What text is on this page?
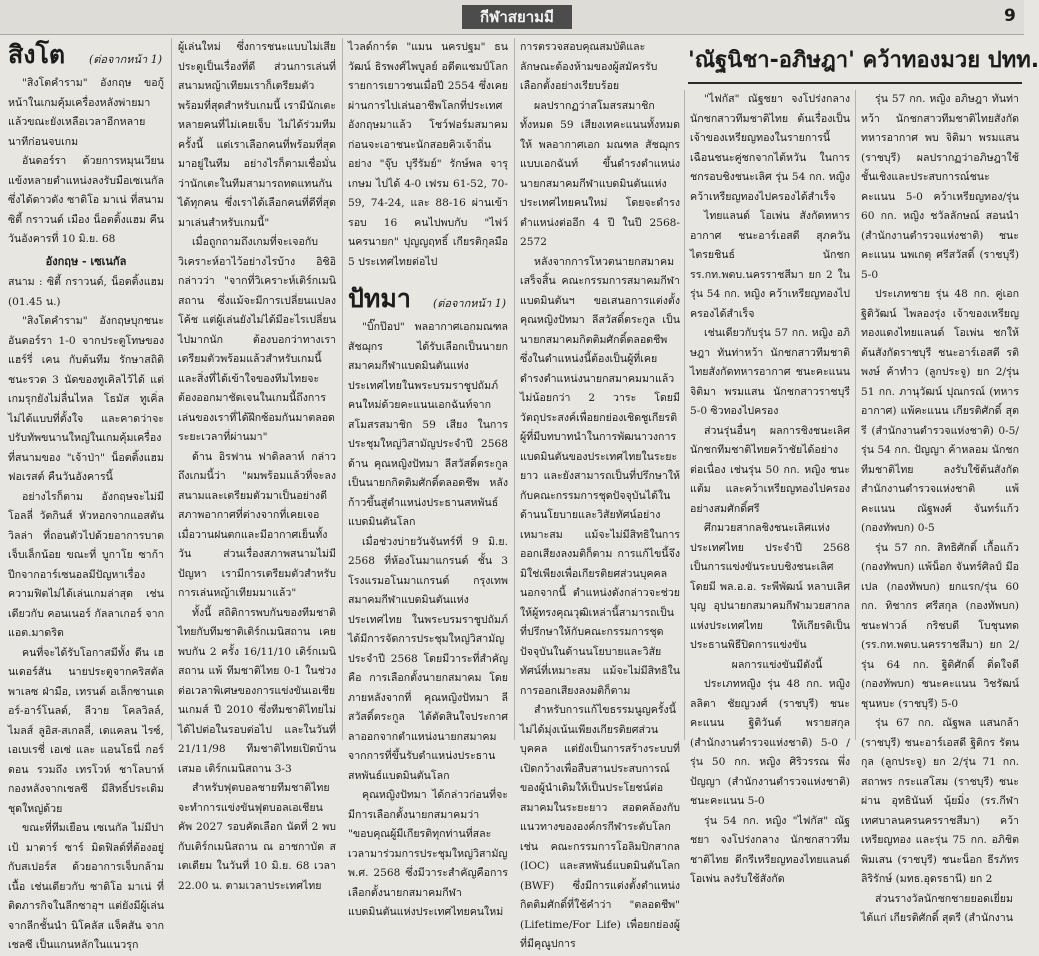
กีฬาสยามมี	9
สิงโต (ต่อจากหน้า 1)

"สิงโตคำราม" อังกฤษ ขอกู้หน้าในเกมคุ้มเครื่องหลังพ่ายมาแล้วขณะยังเหลือเวลาอีกหลายนาทีก่อนจบเกม

อันดอร์รา ด้วยการหมุนเวียนแข้งหลายตำแหน่งลงรับมือเซเนกัล ซึ่งได้ดาวดัง ซาดิโอ มาเน่ ที่สนามซิตี้ กราวนด์ เมือง น็อตติ้งแฮม คืนวันอังคารที่ 10 มิ.ย. 68

อังกฤษ - เซเนกัล

สนาม : ซิตี้ กราวนด์, น็อตติ้งแฮม (01.45 น.)

"สิงโตคำราม" อังกฤษบุกชนะอันดอร์รา 1-0 จากประตูโทษของ แฮร์รี่ เคน กับต้นทีม รักษาสถิติชนะรวด 3 นัดของทูเคิลไว้ได้ แต่เกมรุกยังไม่ลื่นไหล โธมัส ทูเคิ่ล ไม่ได้แบบที่ตั้งใจ และคาดว่าจะปรับทัพขนานใหญ่ในเกมคุ้มเครื่องที่สนามของ "เจ้าป่า" น็อตติ้งแฮม ฟอเรสต์ คืนวันอังคารนี้

อย่างไรก็ตาม อังกฤษจะไม่มี โอลลี่ วัตกินส์ หัวหอกจากแอสตัน วิลล่า ที่ถอนตัวไปด้วยอาการบาดเจ็บเล็กน้อย ขณะที่ บูกาโย ซาก้า ปีกจากอาร์เซนอลมีปัญหาเรื่องความฟิตไม่ได้เล่นเกมล่าสุด เช่นเดียวกับ คอนเนอร์ กัลลาเกอร์ จากแอต.มาดริด

คนที่จะได้รับโอกาสมีทั้ง ดีน เฮนเดอร์สัน นายประตูจากคริสตัล พาเลซ ฝ่ามือ, เทรนต์ อเล็กซานเดอร์-อาร์โนลด์, ลีวาย โคลวิลล์, ไมลส์ ลูอิส-สเกลลี่, เดแคลน ไรซ์, เอเบเรชี่ เอเซ่ และ แอนโธนี่ กอร์ดอน รวมถึง เทรโวห์ ชาโลบาห์ กองหลังจากเชลซี มีสิทธิ์ประเดิมชุดใหญ่ด้วย

ขณะที่ทีมเยือน เซเนกัล ไม่มีปาเป้ มาตาร์ ซาร์ มิดฟิลด์ที่ต้องอยู่กับสเปอร์ส ด้วยอาการเจ็บกล้ามเนื้อ เช่นเดียวกับ ซาดิโอ มาเน่ ที่ติดภารกิจในลีกซาอุฯ แต่ยังมีผู้เล่นจากลีกชั้นนำ นิโคลัส แจ็คสัน จากเชลซี เป็นแกนหลักในแนวรุก

ผู้เล่นใหม่ ซึ่งการชนะแบบไม่เสียประตูเป็นเรื่องที่ดี ส่วนการเล่นที่สนามหญ้าเทียมเราก็เตรียมตัวพร้อมที่สุดสำหรับเกมนี้ เรามีนักเตะหลายคนที่ไม่เคยเจ็บ ไม่ได้ร่วมทีมครั้งนี้ แต่เราเลือกคนที่พร้อมที่สุดมาอยู่ในทีม อย่างไรก็ตามเชื่อมั่นว่านักเตะในทีมสามารถทดแทนกันได้ทุกคน ซึ่งเราได้เลือกคนที่ดีที่สุดมาเล่นสำหรับเกมนี้"

เมื่อถูกถามถึงเกมที่จะเจอกับวิเคราะห์อาไว้อย่างไรบ้าง อิชิอิ กล่าวว่า "จากที่วิเคราะห์เติร์กเมนิสถาน ซึ่งแม้จะมีการเปลี่ยนแปลงโค้ช แต่ผู้เล่นยังไม่ได้มีอะไรเปลี่ยนไปมากนัก ต้องบอกว่าทางเราเตรียมตัวพร้อมแล้วสำหรับเกมนี้ และสิ่งที่ได้เข้าใจของทีมไทยจะต้องออกมาชัดเจนในเกมนี้ถึงการเล่นของเราที่ได้ฝึกซ้อมกันมาตลอดระยะเวลาที่ผ่านมา"

ด้าน อิรฟาน ฟาดิลลาห์ กล่าวถึงเกมนี้ว่า "ผมพร้อมแล้วที่จะลงสนามและเตรียมตัวมาเป็นอย่างดี สภาพอากาศที่ต่างจากที่เคยเจอ เมื่อวานฝนตกและมีอากาศเย็นทั้งวัน ส่วนเรื่องสภาพสนามไม่มีปัญหา เรามีการเตรียมตัวสำหรับการเล่นหญ้าเทียมมาแล้ว"

ทั้งนี้ สถิติการพบกันของทีมชาติไทยกับทีมชาติเติร์กเมนิสถาน เคยพบกัน 2 ครั้ง 16/11/10 เติร์กเมนิสถาน แพ้ ทีมชาติไทย 0-1 ในช่วงต่อเวลาพิเศษของการแข่งขันเอเชียนเกมส์ ปี 2010 ซึ่งทีมชาติไทยไม่ได้ไปต่อในรอบต่อไป และในวันที่ 21/11/98 ทีมชาติไทยเปิดบ้านเสมอ เติร์กเมนิสถาน 3-3

สำหรับฟุตบอลชายทีมชาติไทยจะทำการแข่งขันฟุตบอลเอเชียน คัพ 2027 รอบคัดเลือก นัดที่ 2 พบกับเติร์กเมนิสถาน ณ อาชกาบัต สเตเดียม ในวันที่ 10 มิ.ย. 68 เวลา 22.00 น. ตามเวลาประเทศไทย

ไวลด์การ์ด "แมน นครปฐม" ธนวัฒน์ ธิรพงศ์ไพบูลย์ อดีตแชมป์โลกรายการเยาวชนเมื่อปี 2554 ซึ่งเคยผ่านการไปเล่นอาชีพโลกที่ประเทศอังกฤษมาแล้ว โชว์ฟอร์มสมาคมก่อนจะเอาชนะนักสอยคิวเจ้าถิ่น อย่าง "จุ๊บ บุรีรัมย์" รักษ์พล จารุเกษม ไปได้ 4-0 เฟรม 61-52, 70-59, 74-24, และ 88-16 ผ่านเข้ารอบ 16 คนไปพบกับ "ไฟว์ นครนายก" ปุญญฤทธิ์ เกียรติกุลมือ 5 ประเทศไทยต่อไป

ปัทมา (ต่อจากหน้า 1)

"บิ๊กป๊อป" พลอากาศเอกมณฑล สัชฌุกร ได้รับเลือกเป็นนายกสมาคมกีฬาแบดมินตันแห่งประเทศไทยในพระบรมราชูปถัมภ์ คนใหม่ด้วยคะแนนเอกฉันท์จากสโมสรสมาชิก 59 เสียง ในการประชุมใหญ่วิสามัญประจำปี 2568 ด้าน คุณหญิงปัทมา ลีสวัสดิ์ตระกูล เป็นนายกกิตติมศักดิ์ตลอดชีพ หลังก้าวขึ้นสู่ตำแหน่งประธานสหพันธ์แบดมินตันโลก

เมื่อช่วงบ่ายวันจันทร์ที่ 9 มิ.ย. 2568 ที่ห้องโนมาแกรนด์ ชั้น 3 โรงแรมอโนมาแกรนด์ กรุงเทพ สมาคมกีฬาแบดมินตันแห่งประเทศไทย ในพระบรมราชูปถัมภ์ ได้มีการจัดการประชุมใหญ่วิสามัญประจำปี 2568 โดยมีวาระที่สำคัญคือ การเลือกตั้งนายกสมาคม โดยภายหลังจากที่ คุณหญิงปัทมา ลีสวัสดิ์ตระกูล ได้ตัดสินใจประกาศลาออกจากตำแหน่งนายกสมาคมจากการที่ขึ้นรับตำแหน่งประธานสหพันธ์แบดมินตันโลก

คุณหญิงปัทมา ได้กล่าวก่อนที่จะมีการเลือกตั้งนายกสมาคมว่า "ขอบคุณผู้มีเกียรติทุกท่านที่สละเวลามาร่วมการประชุมใหญ่วิสามัญ พ.ศ. 2568 ซึ่งมีวาระสำคัญคือการเลือกตั้งนายกสมาคมกีฬาแบดมินตันแห่งประเทศไทยคนใหม่

การตรวจสอบคุณสมบัติและลักษณะต้องห้ามของผู้สมัครรับเลือกตั้งอย่างเรียบร้อย

ผลปรากฏว่าสโมสรสมาชิกทั้งหมด 59 เสียงเทคะแนนทั้งหมดให้ พลอากาศเอก มณฑล สัชฌุกร แบบเอกฉันท์ ขึ้นดำรงตำแหน่งนายกสมาคมกีฬาแบดมินตันแห่งประเทศไทยคนใหม่ โดยจะดำรงตำแหน่งต่ออีก 4 ปี ในปี 2568-2572

หลังจากการโหวตนายกสมาคมเสร็จสิ้น คณะกรรมการสมาคมกีฬาแบดมินตันฯ ขอเสนอการแต่งตั้ง คุณหญิงปัทมา ลีสวัสดิ์ตระกูล เป็นนายกสมาคมกิตติมศักดิ์ตลอดชีพ ซึ่งในตำแหน่งนี้ต้องเป็นผู้ที่เคยดำรงตำแหน่งนายกสมาคมมาแล้วไม่น้อยกว่า 2 วาระ โดยมีวัตถุประสงค์เพื่อยกย่องเชิดชูเกียรติผู้ที่มีบทบาทนำในการพัฒนาวงการแบดมินตันของประเทศไทยในระยะยาว และยังสามารถเป็นที่ปรึกษาให้กับคณะกรรมการชุดปัจจุบันได้ในด้านนโยบายและวิสัยทัศน์อย่างเหมาะสม แม้จะไม่มีสิทธิในการออกเสียงลงมติก็ตาม การแก้ไขนี้จึงมิใช่เพียงเพื่อเกียรติยศส่วนบุคคล นอกจากนี้ ตำแหน่งดังกล่าวจะช่วยให้ผู้ทรงคุณวุฒิเหล่านี้สามารถเป็นที่ปรึกษาให้กับคณะกรรมการชุดปัจจุบันในด้านนโยบายและวิสัยทัศน์ที่เหมาะสม แม้จะไม่มีสิทธิในการออกเสียงลงมติก็ตาม

สำหรับการแก้ไขธรรมนูญครั้งนี้ไม่ได้มุ่งเน้นเพียงเกียรติยศส่วนบุคคล แต่ยังเป็นการสร้างระบบที่เปิดกว้างเพื่อสืบสานประสบการณ์ของผู้นำเดิมให้เป็นประโยชน์ต่อสมาคมในระยะยาว สอดคล้องกับแนวทางขององค์กรกีฬาระดับโลก เช่น คณะกรรมการโอลิมปิกสากล (IOC) และสหพันธ์แบดมินตันโลก (BWF) ซึ่งมีการแต่งตั้งตำแหน่งกิตติมศักดิ์ที่ใช้คำว่า "ตลอดชีพ" (Lifetime/For Life) เพื่อยกย่องผู้ที่มีคุณูปการ

'ณัฐนิชา-อภิษฎา' คว้าทองมวย ปทท.

"ไฟกัส" ณัฐชยา จงโปร่งกลาง นักชกสาวทีมชาติไทย ต้นเรื่องเป็นเจ้าของเหรียญทองในรายการนี้ เฉือนชนะคู่ชกจากไต้หวัน ในการชกรอบชิงชนะเลิศ รุ่น 54 กก. หญิง คว้าเหรียญทองไปครองได้สำเร็จ

ไทยแลนด์ โอเพ่น สังกัดทหารอากาศ ชนะอาร์เอสดี สุภควัน ไตรยชินธ์ นักชก รร.กท.พตบ.นครราชสีมา ยก 2 ในรุ่น 54 กก. หญิง คว้าเหรียญทองไปครองได้สำเร็จ

เช่นเดียวกับรุ่น 57 กก. หญิง อภิษฎา ทันท่าหว้า นักชกสาวทีมชาติไทยสังกัดทหารอากาศ ชนะคะแนน จิติมา พรมแสน นักชกสาวราชบุรี 5-0 ซิวทองไปครอง

ส่วนรุ่นอื่นๆ ผลการชิงชนะเลิศ นักชกทีมชาติไทยคว้าชัยได้อย่างต่อเนื่อง เช่นรุ่น 50 กก. หญิง ชนะแต้ม และคว้าเหรียญทองไปครองอย่างสมศักดิ์ศรี

ศึกมวยสากลชิงชนะเลิศแห่งประเทศไทย ประจำปี 2568 เป็นการแข่งขันระบบชิงชนะเลิศ โดยมี พล.อ.อ. ระพีพัฒน์ หลาบเลิศบุญ อุปนายกสมาคมกีฬามวยสากลแห่งประเทศไทย ให้เกียรติเป็นประธานพิธีปิดการแข่งขัน

ผลการแข่งขันมีดังนี้

ประเภทหญิง รุ่น 48 กก. หญิง ลลิตา ชัยญวงศ์ (ราชบุรี) ชนะคะแนน ฐิติวันต์ พรายสกุล (สำนักงานตำรวจแห่งชาติ) 5-0 / รุ่น 50 กก. หญิง ศิริวรรณ พึ่งปัญญา (สำนักงานตำรวจแห่งชาติ) ชนะคะแนน 5-0

รุ่น 54 กก. หญิง "ไฟกัส" ณัฐชยา จงโปร่งกลาง นักชกสาวทีมชาติไทย ดีกรีเหรียญทองไทยแลนด์ โอเพ่น ลงรับใช้สังกัด

รุ่น 57 กก. หญิง อภิษฎา ทันท่าหว้า นักชกสาวทีมชาติไทยสังกัดทหารอากาศ พบ จิติมา พรมแสน (ราชบุรี) ผลปรากฏว่าอภิษฎาใช้ชั้นเชิงและประสบการณ์ชนะคะแนน 5-0 คว้าเหรียญทอง/รุ่น 60 กก. หญิง ชวัลลักษณ์ สอนนำ (สำนักงานตำรวจแห่งชาติ) ชนะคะแนน นพเกตุ ศรีสวัสดิ์ (ราชบุรี) 5-0

ประเภทชาย รุ่น 48 กก. คู่เอกฐิติวัฒน์ ไพลองรุ่ง เจ้าของเหรียญทองแดงไทยแลนด์ โอเพ่น ชกให้ต้นสังกัดราชบุรี ชนะอาร์เอสดี รติพงษ์ ค้าทำว (ลูกประจู) ยก 2/รุ่น 51 กก. ภานุวัฒน์ ปุณกรณ์ (ทหารอากาศ) แพ้คะแนน เกียรติศักดิ์ สุตรี (สำนักงานตำรวจแห่งชาติ) 0-5/รุ่น 54 กก. ปัญญา ค้าหลอม นักชกทีมชาติไทย ลงรับใช้ต้นสังกัดสำนักงานตำรวจแห่งชาติ แพ้คะแนน ณัฐพงศ์ จันทร์แก้ว (กองทัพบก) 0-5

รุ่น 57 กก. สิทธิศักดิ์ เกื้อแก้ว (กองทัพบก) แพ้น็อก จันทร์ศิลป์ มีอเปล (กองทัพบก) ยกแรก/รุ่น 60 กก. ทิชากร ศรีสกุล (กองทัพบก) ชนะฟาวล์ กริชบดี โบชุนทด (รร.กท.พตบ.นครราชสีมา) ยก 2/รุ่น 64 กก. ฐิติศักดิ์ ติ่ดใจดี (กองทัพบก) ชนะคะแนน วิชรัฒน์ ชุนหบะ (ราชบุรี) 5-0

รุ่น 67 กก. ณัฐพล แสนกล้า (ราชบุรี) ชนะอาร์เอสดี ฐิติกร รัตนกุล (ลูกประจู) ยก 2/รุ่น 71 กก. สถาพร กระแสโสม (ราชบุรี) ชนะผ่าน อุทธินันท์ นุ้ยมิ่ง (รร.กีฬาเทศบาลนครนครราชสีมา) คว้าเหรียญทอง และรุ่น 75 กก. อภิชิต พิมเสน (ราชบุรี) ชนะน็อก ธีรภัทร ลิริรักษ์ (มทธ.อุดรธานี) ยก 2

ส่วนรางวัลนักชกชายยอดเยี่ยม ได้แก่ เกียรติศักดิ์ สุตรี (สำนักงาน
